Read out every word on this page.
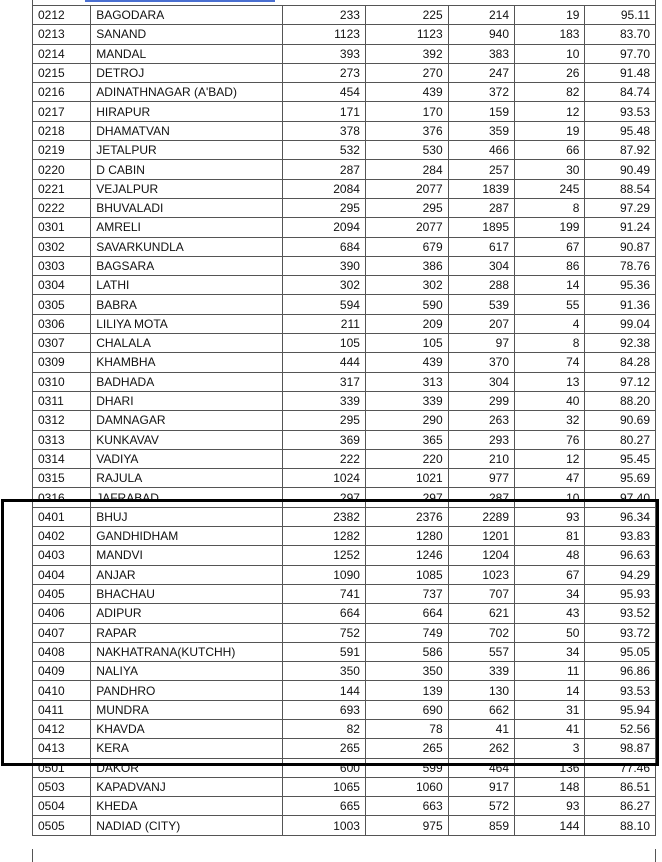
0212	BAGODARA	233	225	214	19	95.11
0213	SANAND	1123	1123	940	183	83.70
0214	MANDAL	393	392	383	10	97.70
0215	DETROJ	273	270	247	26	91.48
0216	ADINATHNAGAR (A'BAD)	454	439	372	82	84.74
0217	HIRAPUR	171	170	159	12	93.53
0218	DHAMATVAN	378	376	359	19	95.48
0219	JETALPUR	532	530	466	66	87.92
0220	D CABIN	287	284	257	30	90.49
0221	VEJALPUR	2084	2077	1839	245	88.54
0222	BHUVALADI	295	295	287	8	97.29
0301	AMRELI	2094	2077	1895	199	91.24
0302	SAVARKUNDLA	684	679	617	67	90.87
0303	BAGSARA	390	386	304	86	78.76
0304	LATHI	302	302	288	14	95.36
0305	BABRA	594	590	539	55	91.36
0306	LILIYA MOTA	211	209	207	4	99.04
0307	CHALALA	105	105	97	8	92.38
0309	KHAMBHA	444	439	370	74	84.28
0310	BADHADA	317	313	304	13	97.12
0311	DHARI	339	339	299	40	88.20
0312	DAMNAGAR	295	290	263	32	90.69
0313	KUNKAVAV	369	365	293	76	80.27
0314	VADIYA	222	220	210	12	95.45
0315	RAJULA	1024	1021	977	47	95.69
0316	JAFRABAD	297	297	287	10	97.40
0401	BHUJ	2382	2376	2289	93	96.34
0402	GANDHIDHAM	1282	1280	1201	81	93.83
0403	MANDVI	1252	1246	1204	48	96.63
0404	ANJAR	1090	1085	1023	67	94.29
0405	BHACHAU	741	737	707	34	95.93
0406	ADIPUR	664	664	621	43	93.52
0407	RAPAR	752	749	702	50	93.72
0408	NAKHATRANA(KUTCHH)	591	586	557	34	95.05
0409	NALIYA	350	350	339	11	96.86
0410	PANDHRO	144	139	130	14	93.53
0411	MUNDRA	693	690	662	31	95.94
0412	KHAVDA	82	78	41	41	52.56
0413	KERA	265	265	262	3	98.87
0501	DAKOR	600	599	464	136	77.46
0503	KAPADVANJ	1065	1060	917	148	86.51
0504	KHEDA	665	663	572	93	86.27
0505	NADIAD (CITY)	1003	975	859	144	88.10
